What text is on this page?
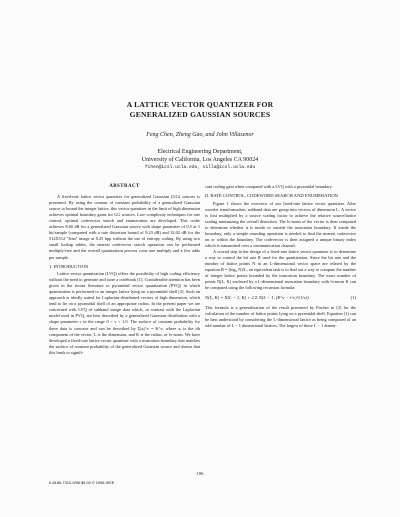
A LATTICE VECTOR QUANTIZER FOR
GENERALIZED GAUSSIAN SOURCES
Feng Chen, Zheng Gao, and John Villasenor
Electrical Engineering Department,
University of California, Los Angeles CA 90024
fchen@icsl.ucla.edu, villa@icsl.ucla.edu

ABSTRACT

A fixed-rate lattice vector quantizer for generalized Gaussian (GG) sources is presented. By using the contour of constant probability of a generalized Gaussian source to bound the integer lattice, this vector quantizer in the limit of high dimension achieves optimal boundary gains for GG sources. Low-complexity techniques for rate control, optimal codevector search and enumeration are developed. This coder achieves 8.60 dB for a generalized Gaussian source with shape parameter of 0.5 at 1 bit/sample (compared with a rate distortion bound of 9.23 dB) and 32.02 dB for the 512X512 "lena" image at 0.25 bpp without the use of entropy coding. By using two small lookup tables, the nearest codevector search operation can be performed multiply-free and the overall quantization process costs one multiply and a few adds per sample.

1. INTRODUCTION

Lattice vector quantization (LVQ) offers the possibility of high coding efficiency without the need to generate and store a codebook [1]. Considerable attention has been given in the recent literature to pyramidal vector quantization (PVQ) in which quantization is performed to an integer lattice lying on a pyramidal shell [2]. Such an approach is ideally suited for Laplacian-distributed vectors of high dimension, which tend to lie on a pyramidal shell of an appropriate radius. In the present paper we are concerned with LVQ of subband image data which, in contrast with the Laplacian model used in PVQ, are best described by a generalized Gaussian distribution with a shape parameter ν in the range 0 < ν < 1.0. The surface of constant probability for these data is concave and can be described by Σ|xᵢ|^ν = K^ν, where xᵢ is the ith component of the vector, L is the dimension, and K is the radius, or lν-norm. We have developed a fixed-rate lattice vector quantizer with a truncation boundary that matches the surface of constant probability of the generalized Gaussian source and shown that this leads to signifi-

cant coding gain when compared with a LVQ with a pyramidal boundary.

II. RATE CONTROL, CODEWORD SEARCH AND ENUMERATION

Figure 1 shows the overview of our fixed-rate lattice vector quantizer. After wavelet transformation, subband data are group into vectors of dimension L. A vector is first multiplied by a source scaling factor to achieve the relative source/lattice scaling minimizing the overall distortion. The lν-norm of the vector is then computed to determine whether it is inside or outside the truncation boundary. If inside the boundary, only a simple rounding operation is needed to find the nearest codevector on or within the boundary. The codevector is then assigned a unique binary index which is transmitted over a communication channel.

A crucial step in the design of a fixed-rate lattice vector quantizer is to determine a way to control the bit rate R used for the quantization. Since the bit rate and the number of lattice points N in an L-dimensional vector space are related by the equation R = (log₂ N)/L, an equivalent task is to find out a way to compute the number of integer lattice points bounded by the truncation boundary. The exact number of points N(L, K) enclosed by a L-dimensional truncation boundary with lν-norm K can be computed using the following recursion formula:

N(L, K) = N(L − 1, K) + 2 Σ N(L − 1, (K^ν − i^ν)^(1/ν))	(1)

This formula is a generalization of the result presented by Fischer in [2] for the calculation of the number of lattice points lying on a pyramidal shell. Equation (1) can be best understood by considering the L-dimensional lattice as being composed of an odd number of L − 1 dimensional lattices. The largest of these L − 1 dimen-

106
0-8186-7310-9/96 $5.00 © 1996 IEEE
